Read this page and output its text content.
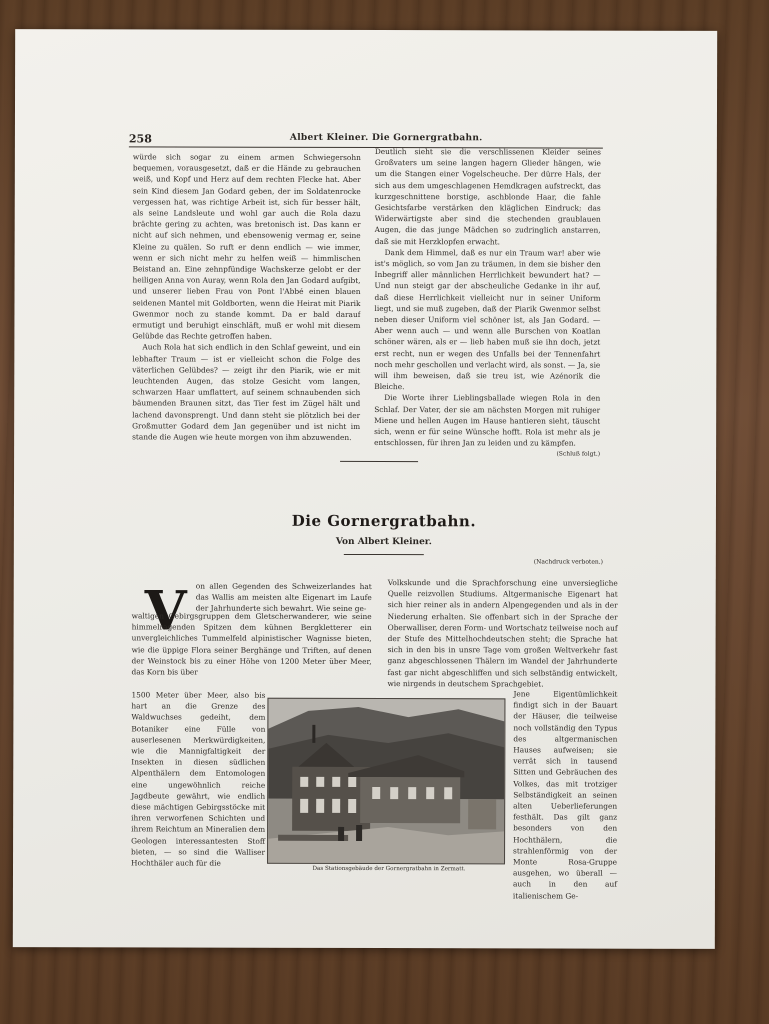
258	Albert Kleiner. Die Gornergratbahn.

würde sich sogar zu einem armen Schwiegersohn bequemen, vorausgesetzt, daß er die Hände zu gebrauchen weiß, und Kopf und Herz auf dem rechten Flecke hat. Aber sein Kind diesem Jan Godard geben, der im Soldatenrocke vergessen hat, was richtige Arbeit ist, sich für besser hält, als seine Landsleute und wohl gar auch die Rola dazu brächte gering zu achten, was bretonisch ist. Das kann er nicht auf sich nehmen, und ebensowenig vermag er, seine Kleine zu quälen. So ruft er denn endlich — wie immer, wenn er sich nicht mehr zu helfen weiß — himmlischen Beistand an. Eine zehnpfündige Wachskerze gelobt er der heiligen Anna von Auray, wenn Rola den Jan Godard aufgibt, und unserer lieben Frau von Pont l'Abbé einen blauen seidenen Mantel mit Goldborten, wenn die Heirat mit Piarik Gwenmor noch zu stande kommt. Da er bald darauf ermutigt und beruhigt einschläft, muß er wohl mit diesem Gelübde das Rechte getroffen haben.

Auch Rola hat sich endlich in den Schlaf geweint, und ein lebhafter Traum — ist er vielleicht schon die Folge des väterlichen Gelübdes? — zeigt ihr den Piarik, wie er mit leuchtenden Augen, das stolze Gesicht vom langen, schwarzen Haar umflattert, auf seinem schnaubenden sich bäumenden Braunen sitzt, das Tier fest im Zügel hält und lachend davonsprengt. Und dann steht sie plötzlich bei der Großmutter Godard dem Jan gegenüber und ist nicht im stande die Augen wie heute morgen von ihm abzuwenden.

Deutlich sieht sie die verschlissenen Kleider seines Großvaters um seine langen hagern Glieder hängen, wie um die Stangen einer Vogelscheuche. Der dürre Hals, der sich aus dem umgeschlagenen Hemdkragen aufstreckt, das kurzgeschnittene borstige, aschblonde Haar, die fahle Gesichtsfarbe verstärken den kläglichen Eindruck; das Widerwärtigste aber sind die stechenden graublauen Augen, die das junge Mädchen so zudringlich anstarren, daß sie mit Herzklopfen erwacht.

Dank dem Himmel, daß es nur ein Traum war! aber wie ist's möglich, so vom Jan zu träumen, in dem sie bisher den Inbegriff aller männlichen Herrlichkeit bewundert hat? — Und nun steigt gar der abscheuliche Gedanke in ihr auf, daß diese Herrlichkeit vielleicht nur in seiner Uniform liegt, und sie muß zugeben, daß der Piarik Gwenmor selbst neben dieser Uniform viel schöner ist, als Jan Godard. — Aber wenn auch — und wenn alle Burschen von Koatlan schöner wären, als er — lieb haben muß sie ihn doch, jetzt erst recht, nun er wegen des Unfalls bei der Tennenfahrt noch mehr geschollen und verlacht wird, als sonst. — Ja, sie will ihm beweisen, daß sie treu ist, wie Azénorik die Bleiche.

Die Worte ihrer Lieblingsballade wiegen Rola in den Schlaf. Der Vater, der sie am nächsten Morgen mit ruhiger Miene und hellen Augen im Hause hantieren sieht, täuscht sich, wenn er für seine Wünsche hofft. Rola ist mehr als je entschlossen, für ihren Jan zu leiden und zu kämpfen.

(Schluß folgt.)

Die Gornergratbahn.
Von Albert Kleiner.
(Nachdruck verboten.)
V	on allen Gegenden des Schweizerlandes hat das Wallis am meisten alte Eigenart im Laufe der Jahrhunderte sich bewahrt. Wie seine ge-
waltigen Gebirgsgruppen dem Gletscherwanderer, wie seine himmelragenden Spitzen dem kühnen Bergkletterer ein unvergleichliches Tummelfeld alpinistischer Wagnisse bieten, wie die üppige Flora seiner Berghänge und Triften, auf denen der Weinstock bis zu einer Höhe von 1200 Meter über Meer, das Korn bis über
1500 Meter über Meer, also bis hart an die Grenze des Waldwuchses gedeiht, dem Botaniker eine Fülle von auserlesenen Merkwürdigkeiten, wie die Mannigfaltigkeit der Insekten in diesen südlichen Alpenthälern dem Entomologen eine ungewöhnlich reiche Jagdbeute gewährt, wie endlich diese mächtigen Gebirgsstöcke mit ihren verworfenen Schichten und ihrem Reichtum an Mineralien dem Geologen interessantesten Stoff bieten, — so sind die Walliser Hochthäler auch für die
Volkskunde und die Sprachforschung eine unversiegliche Quelle reizvollen Studiums. Altgermanische Eigenart hat sich hier reiner als in andern Alpengegenden und als in der Niederung erhalten. Sie offenbart sich in der Sprache der Oberwalliser, deren Form- und Wortschatz teilweise noch auf der Stufe des Mittelhochdeutschen steht; die Sprache hat sich in den bis in unsre Tage vom großen Weltverkehr fast ganz abgeschlossenen Thälern im Wandel der Jahrhunderte fast gar nicht abgeschliffen und sich selbständig entwickelt, wie nirgends in deutschem Sprachgebiet.
Jene Eigentümlichkeit findigt sich in der Bauart der Häuser, die teilweise noch vollständig den Typus des altgermanischen Hauses aufweisen; sie verrät sich in tausend Sitten und Gebräuchen des Volkes, das mit trotziger Selbständigkeit an seinen alten Ueberlieferungen festhält. Das gilt ganz besonders von den Hochthälern, die strahlenförmig von der Monte Rosa-Gruppe ausgehen, wo überall — auch in den auf italienischem Ge-
Das Stationsgebäude der Gornergratbahn in Zermatt.
